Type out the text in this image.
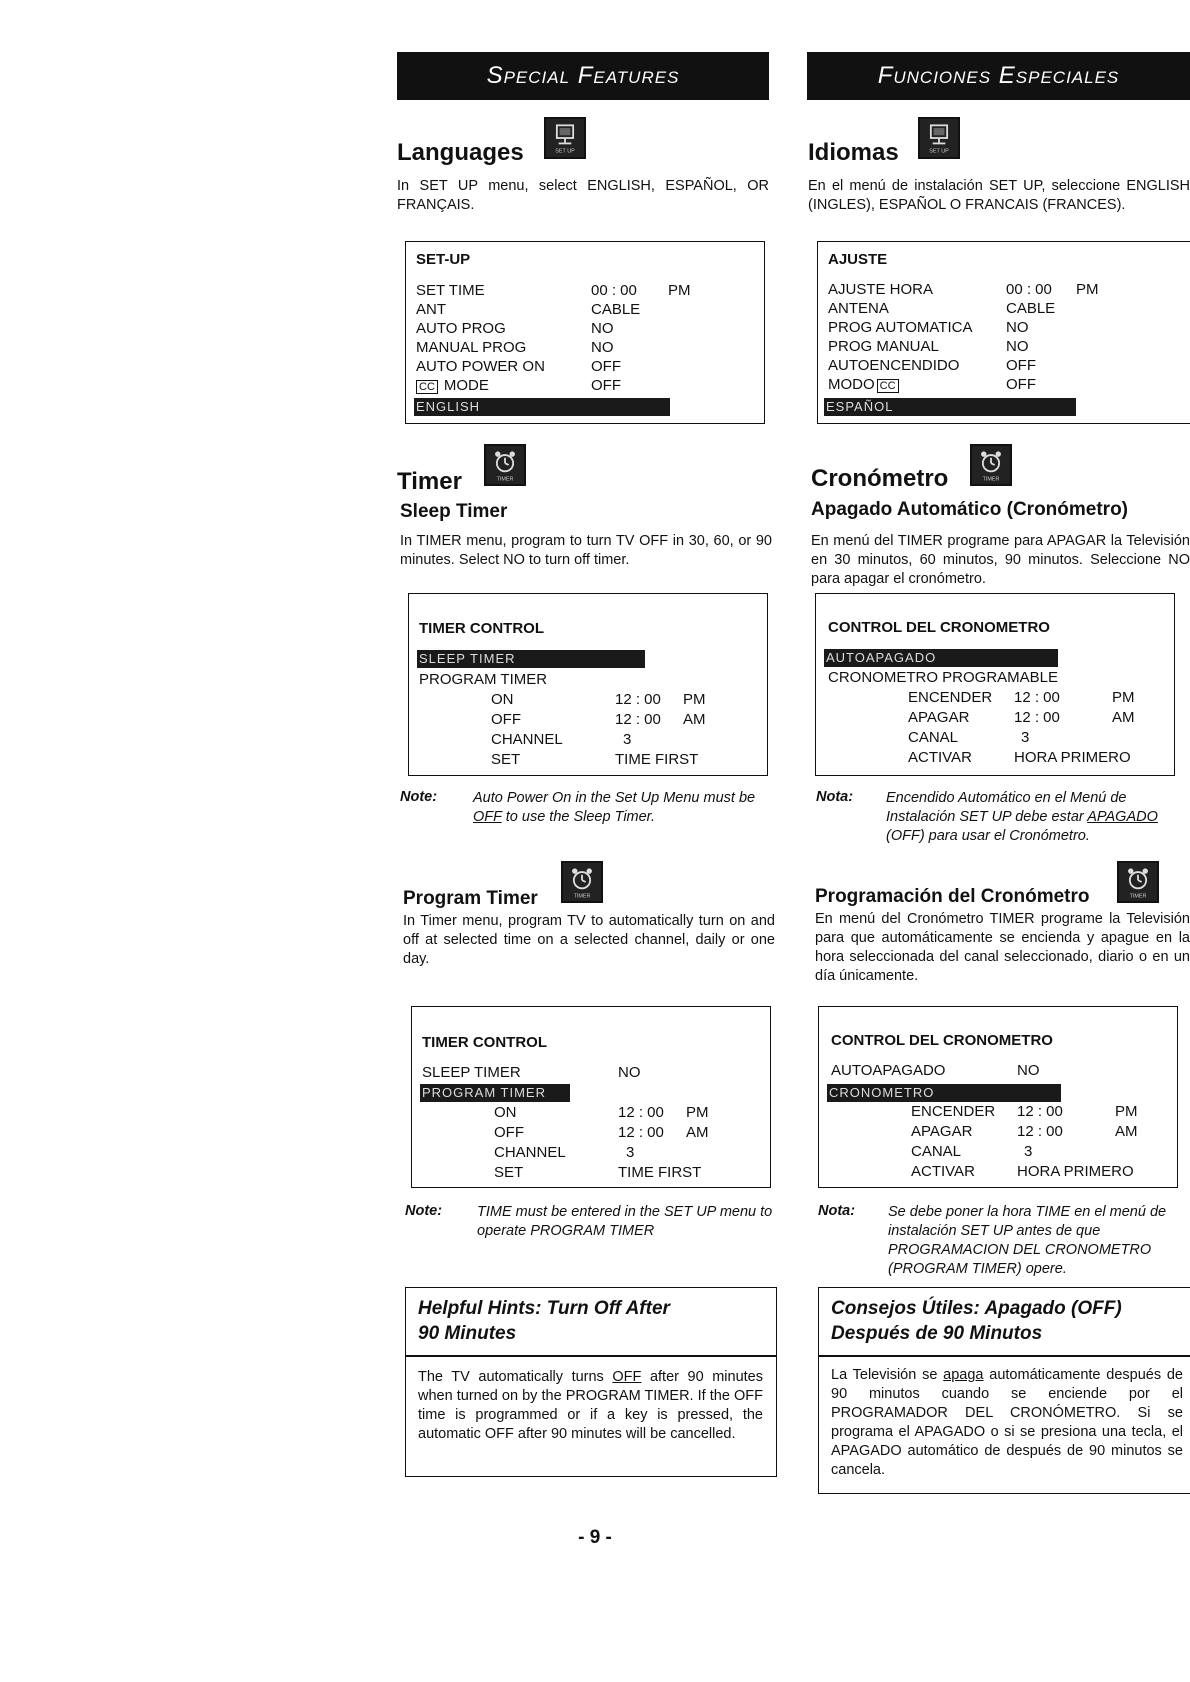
Special Features
Languages	SET UP

In SET UP menu, select ENGLISH, ESPAÑOL, OR FRANÇAIS.

SET-UP
SET TIME	00 : 00 PM
ANT	CABLE
AUTO PROG	NO
MANUAL PROG	NO
AUTO POWER ON	OFF
CC MODE	OFF
ENGLISH
Timer	TIMER
Sleep Timer

In TIMER menu, program to turn TV OFF in 30, 60, or 90 minutes. Select NO to turn off timer.

TIMER CONTROL
SLEEP TIMER
PROGRAM TIMER
ON	12 : 00 PM
OFF	12 : 00 AM
CHANNEL	3
SET	TIME FIRST
Note: Auto Power On in the Set Up Menu must be OFF to use the Sleep Timer.

Program Timer	TIMER

In Timer menu, program TV to automatically turn on and off at selected time on a selected channel, daily or one day.

TIMER CONTROL
SLEEP TIMER	NO
PROGRAM TIMER
ON	12 : 00 PM
OFF	12 : 00 AM
CHANNEL	3
SET	TIME FIRST
Note: TIME must be entered in the SET UP menu to operate PROGRAM TIMER

Helpful Hints: Turn Off After
90 Minutes

The TV automatically turns OFF after 90 minutes when turned on by the PROGRAM TIMER. If the OFF time is programmed or if a key is pressed, the automatic OFF after 90 minutes will be cancelled.

Funciones Especiales
Idiomas	SET UP

En el menú de instalación SET UP, seleccione ENGLISH (INGLES), ESPAÑOL O FRANCAIS (FRANCES).

AJUSTE
AJUSTE HORA	00 : 00 PM
ANTENA	CABLE
PROG AUTOMATICA NO
PROG MANUAL	NO
AUTOENCENDIDO	OFF
MODO CC	OFF
ESPAÑOL
Cronómetro	TIMER
Apagado Automático (Cronómetro)

En menú del TIMER programe para APAGAR la Televisión en 30 minutos, 60 minutos, 90 minutos. Seleccione NO para apagar el cronómetro.

CONTROL DEL CRONOMETRO
AUTOAPAGADO
CRONOMETRO PROGRAMABLE
ENCENDER 12 : 00	PM
APAGAR	12 : 00	AM
CANAL	3
ACTIVAR	HORA PRIMERO
Nota: Encendido Automático en el Menú de Instalación SET UP debe estar APAGADO (OFF) para usar el Cronómetro.

Programación del Cronómetro	TIMER

En menú del Cronómetro TIMER programe la Televisión para que automáticamente se encienda y apague en la hora seleccionada del canal seleccionado, diario o en un día únicamente.

CONTROL DEL CRONOMETRO
AUTOAPAGADO	NO
CRONOMETRO
ENCENDER 12 : 00	PM
APAGAR	12 : 00	AM
CANAL	3
ACTIVAR	HORA PRIMERO
Nota: Se debe poner la hora TIME en el menú de instalación SET UP antes de que PROGRAMACION DEL CRONOMETRO (PROGRAM TIMER) opere.

Consejos Útiles: Apagado (OFF)
Después de 90 Minutos

La Televisión se apaga automáticamente después de 90 minutos cuando se enciende por el PROGRAMADOR DEL CRONÓMETRO. Si se programa el APAGADO o si se presiona una tecla, el APAGADO automático de después de 90 minutos se cancela.

- 9 -
